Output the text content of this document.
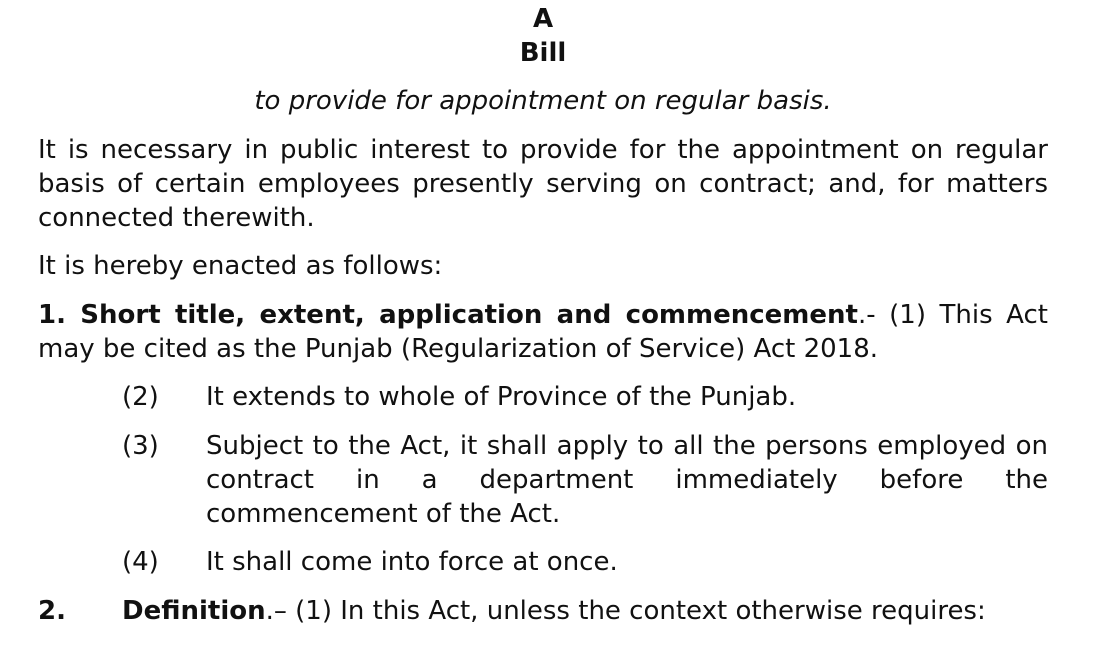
A
Bill
to provide for appointment on regular basis.

It is necessary in public interest to provide for the appointment on regular basis of certain employees presently serving on contract; and, for matters connected therewith.

It is hereby enacted as follows:

1. Short title, extent, application and commencement.- (1) This Act may be cited as the Punjab (Regularization of Service) Act 2018.

(2)	It extends to whole of Province of the Punjab.
(3)	Subject to the Act, it shall apply to all the persons employed on contract in a department immediately before the commencement of the Act.
(4)	It shall come into force at once.

2. Definition.– (1) In this Act, unless the context otherwise requires:
